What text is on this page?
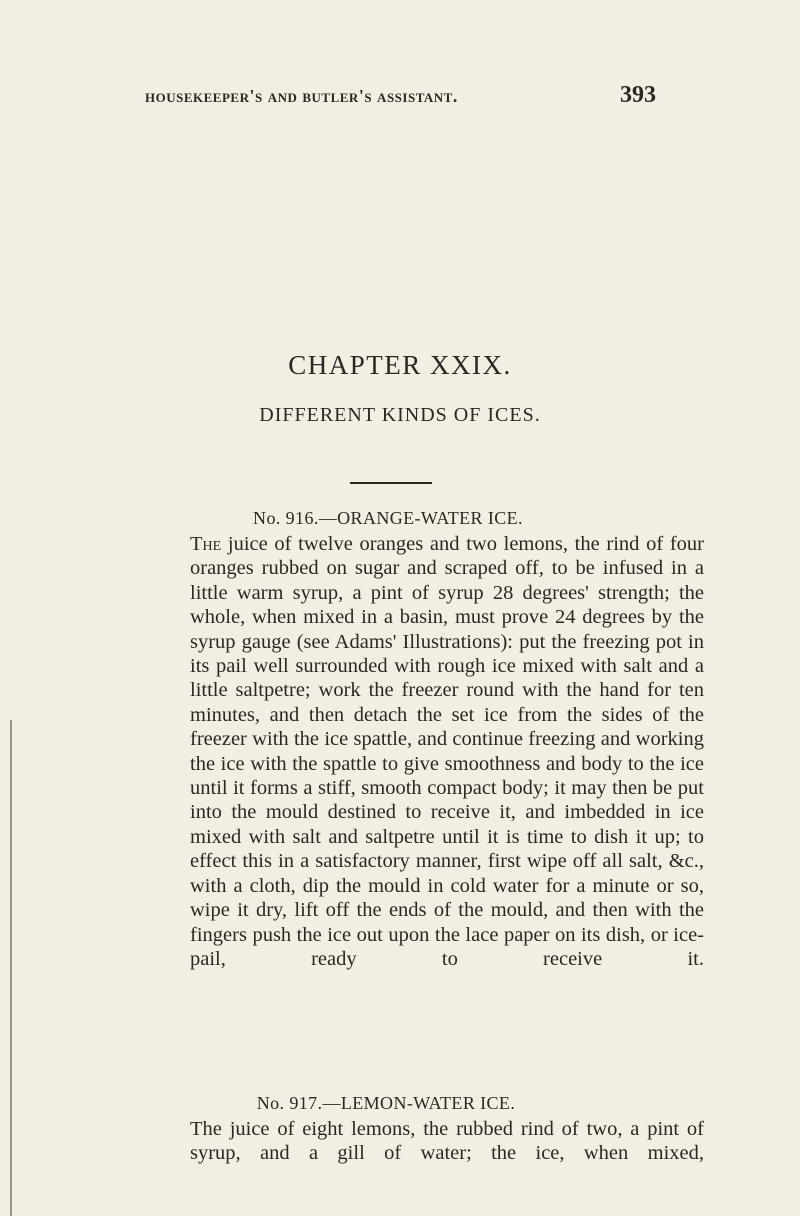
housekeeper's and butler's assistant.	393
CHAPTER XXIX.
DIFFERENT KINDS OF ICES.
No. 916.—ORANGE-WATER ICE.
The juice of twelve oranges and two lemons, the rind of four oranges rubbed on sugar and scraped off, to be infused in a little warm syrup, a pint of syrup 28 degrees' strength; the whole, when mixed in a basin, must prove 24 degrees by the syrup gauge (see Adams' Illustrations): put the freezing pot in its pail well surrounded with rough ice mixed with salt and a little saltpetre; work the freezer round with the hand for ten minutes, and then detach the set ice from the sides of the freezer with the ice spattle, and continue freezing and working the ice with the spattle to give smoothness and body to the ice until it forms a stiff, smooth compact body; it may then be put into the mould destined to receive it, and imbedded in ice mixed with salt and saltpetre until it is time to dish it up; to effect this in a satisfactory manner, first wipe off all salt, &c., with a cloth, dip the mould in cold water for a minute or so, wipe it dry, lift off the ends of the mould, and then with the fingers push the ice out upon the lace paper on its dish, or ice-pail, ready to receive it.
No. 917.—LEMON-WATER ICE.
The juice of eight lemons, the rubbed rind of two, a pint of syrup, and a gill of water; the ice, when mixed,
